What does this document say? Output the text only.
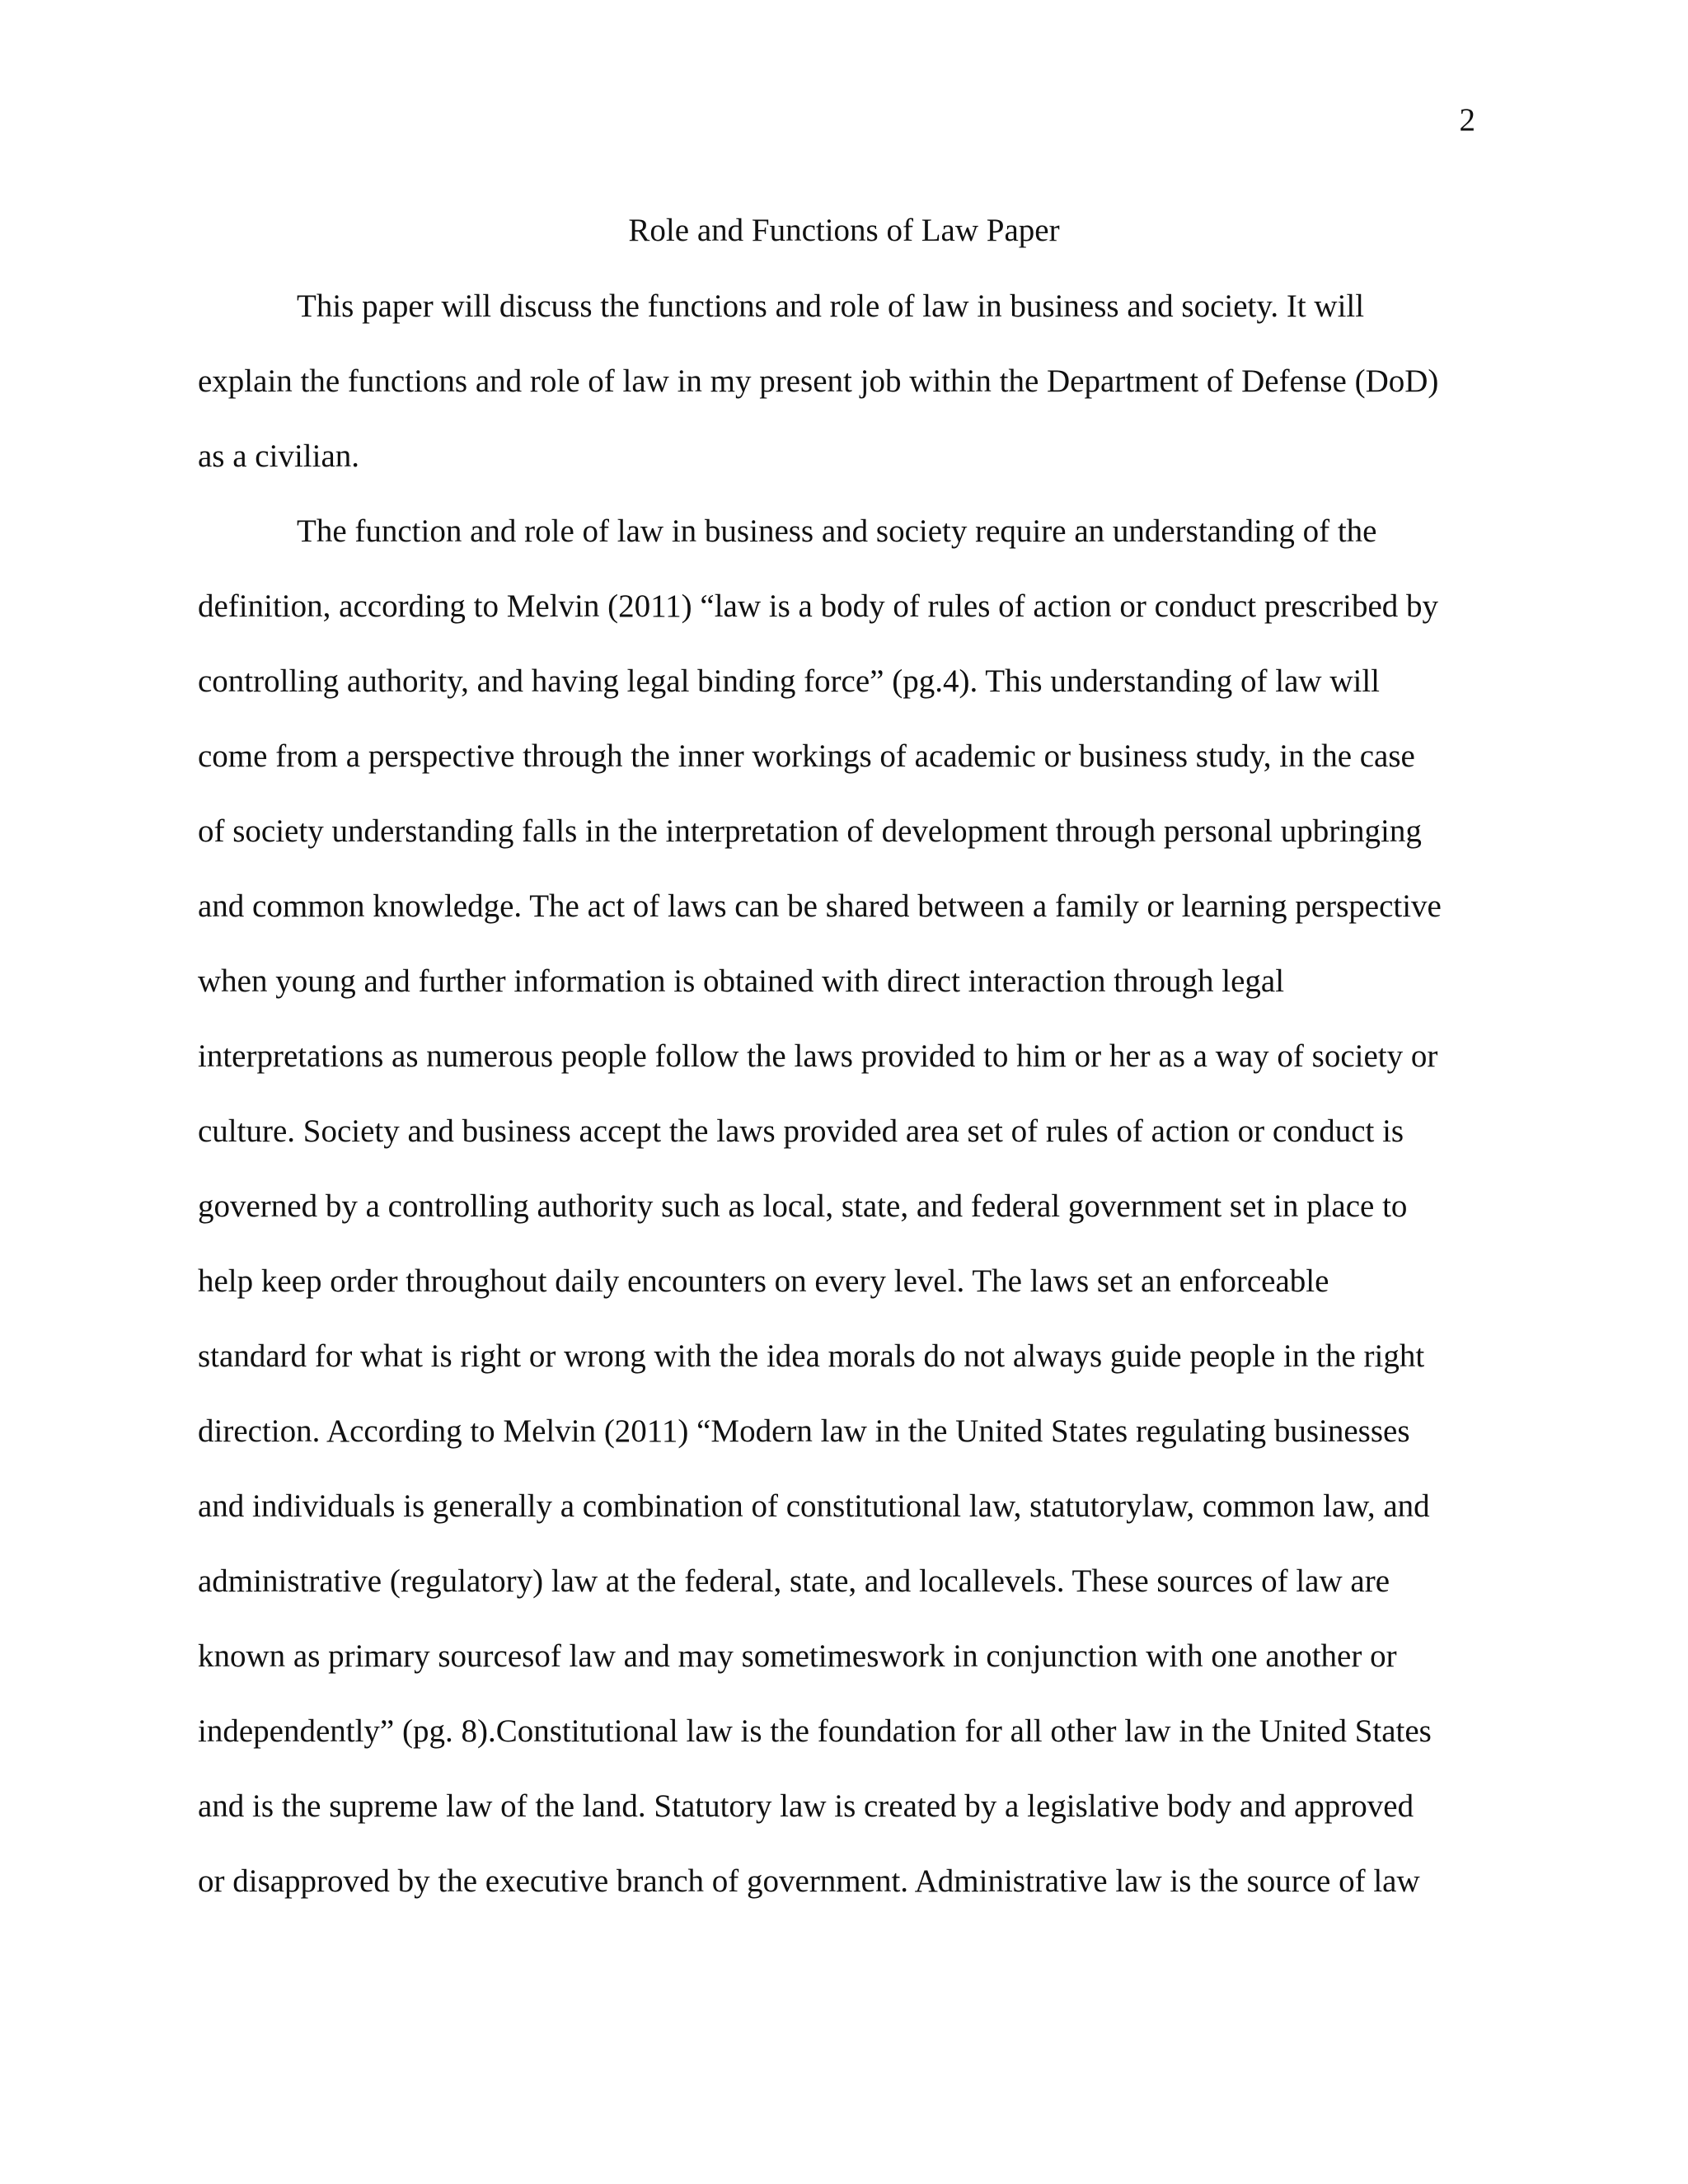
2
Role and Functions of Law Paper
This paper will discuss the functions and role of law in business and society. It will
explain the functions and role of law in my present job within the Department of Defense (DoD)
as a civilian.
The function and role of law in business and society require an understanding of the
definition, according to Melvin (2011) “law is a body of rules of action or conduct prescribed by
controlling authority, and having legal binding force” (pg.4). This understanding of law will
come from a perspective through the inner workings of academic or business study, in the case
of society understanding falls in the interpretation of development through personal upbringing
and common knowledge. The act of laws can be shared between a family or learning perspective
when young and further information is obtained with direct interaction through legal
interpretations as numerous people follow the laws provided to him or her as a way of society or
culture. Society and business accept the laws provided area set of rules of action or conduct is
governed by a controlling authority such as local, state, and federal government set in place to
help keep order throughout daily encounters on every level. The laws set an enforceable
standard for what is right or wrong with the idea morals do not always guide people in the right
direction. According to Melvin (2011) “Modern law in the United States regulating businesses
and individuals is generally a combination of constitutional law, statutorylaw, common law, and
administrative (regulatory) law at the federal, state, and locallevels. These sources of law are
known as primary sourcesof law and may sometimeswork in conjunction with one another or
independently” (pg. 8).Constitutional law is the foundation for all other law in the United States
and is the supreme law of the land. Statutory law is created by a legislative body and approved
or disapproved by the executive branch of government. Administrative law is the source of law
